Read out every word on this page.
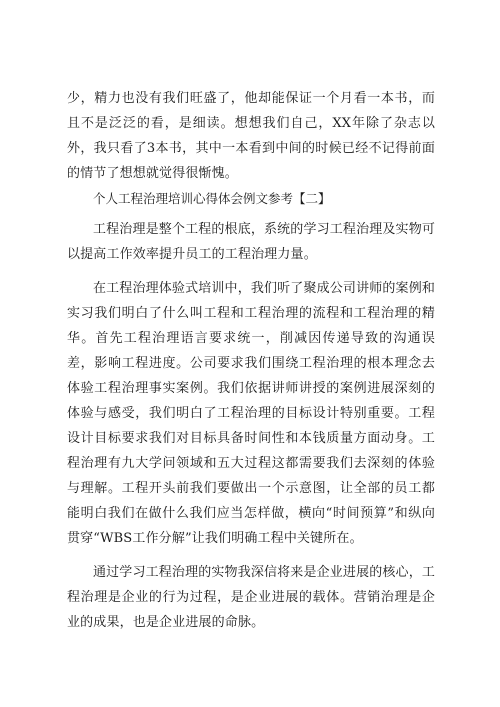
少，精力也没有我们旺盛了，他却能保证一个月看一本书，而且不是泛泛的看，是细读。想想我们自己，XX年除了杂志以外，我只看了3本书，其中一本看到中间的时候已经不记得前面的情节了想想就觉得很惭愧。

个人工程治理培训心得体会例文参考【二】

工程治理是整个工程的根底，系统的学习工程治理及实物可以提高工作效率提升员工的工程治理力量。

在工程治理体验式培训中，我们听了聚成公司讲师的案例和实习我们明白了什么叫工程和工程治理的流程和工程治理的精华。首先工程治理语言要求统一，削减因传递导致的沟通误差，影响工程进度。公司要求我们围绕工程治理的根本理念去体验工程治理事实案例。我们依据讲师讲授的案例进展深刻的体验与感受，我们明白了工程治理的目标设计特别重要。工程设计目标要求我们对目标具备时间性和本钱质量方面动身。工程治理有九大学问领域和五大过程这都需要我们去深刻的体验与理解。工程开头前我们要做出一个示意图，让全部的员工都能明白我们在做什么我们应当怎样做，横向“时间预算”和纵向贯穿“WBS工作分解”让我们明确工程中关键所在。

通过学习工程治理的实物我深信将来是企业进展的核心，工程治理是企业的行为过程，是企业进展的载体。营销治理是企业的成果，也是企业进展的命脉。
